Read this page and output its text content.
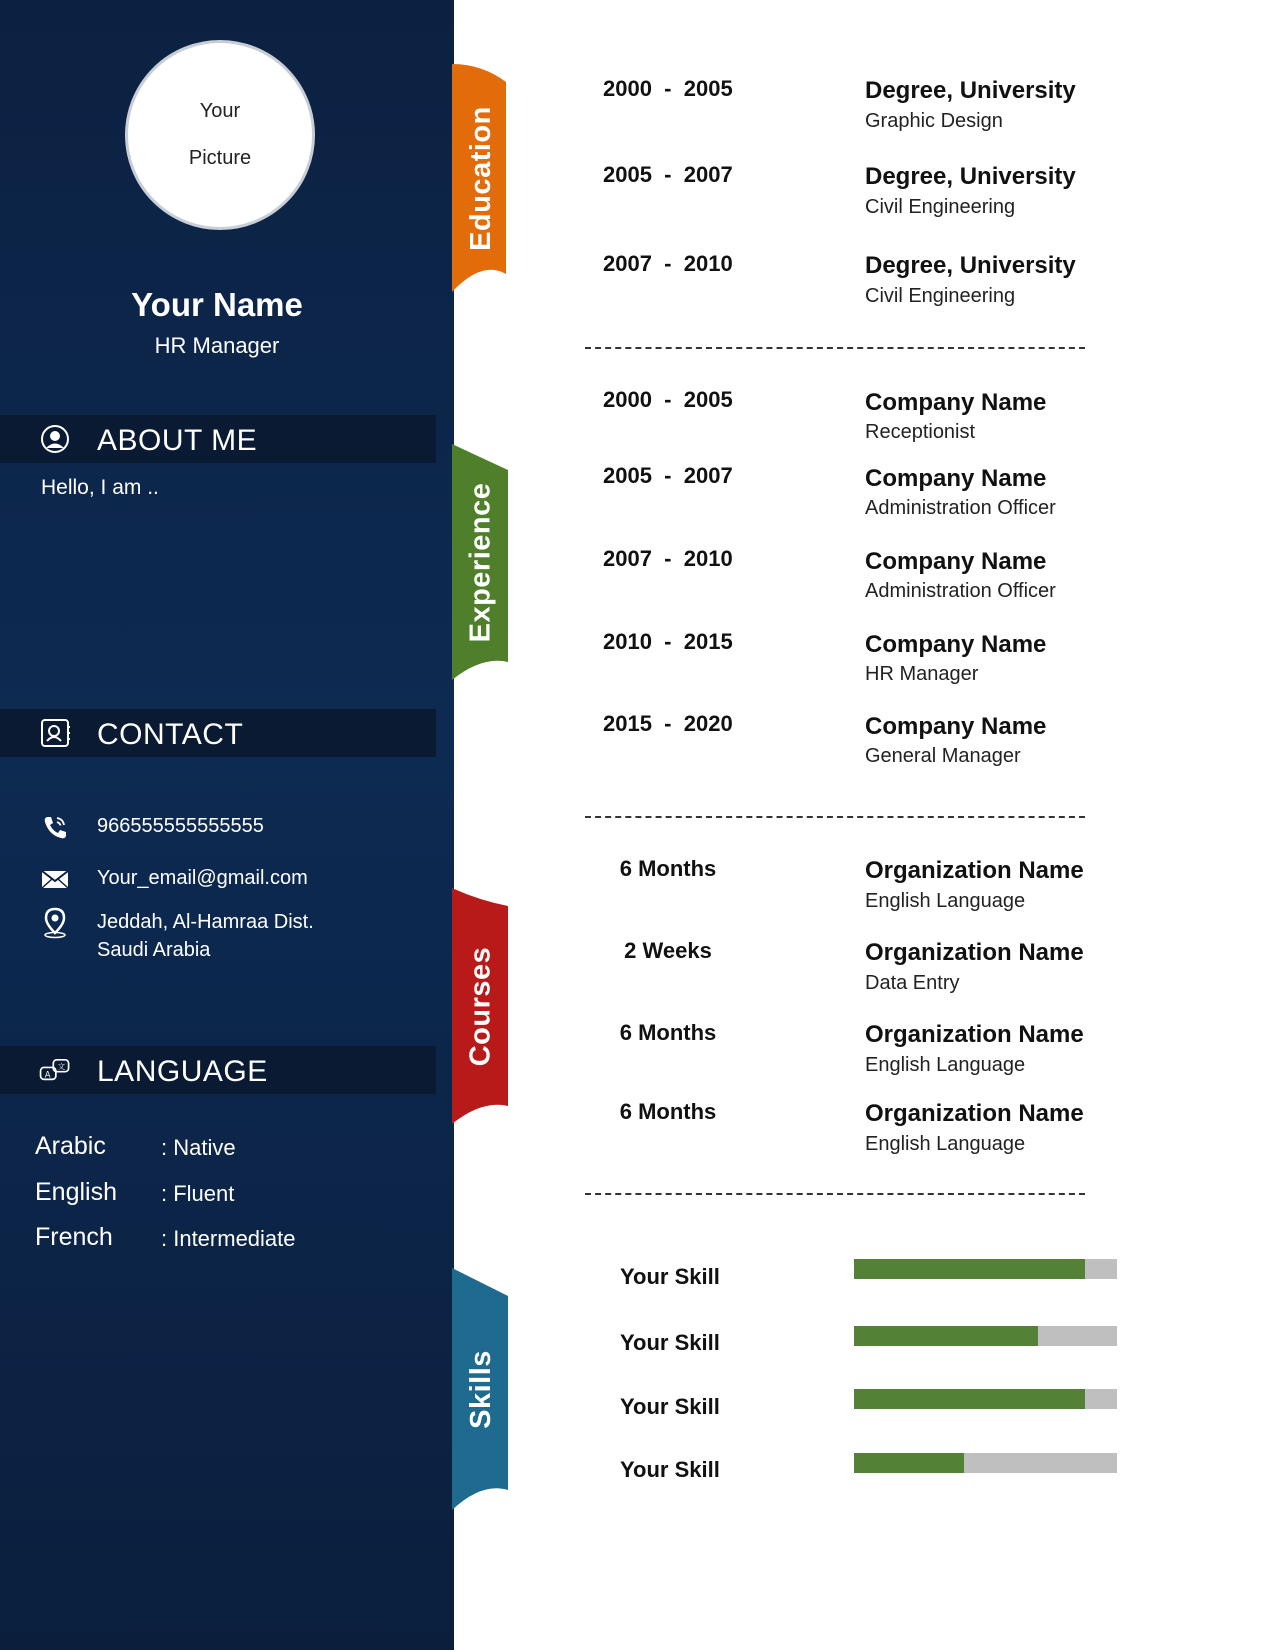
Your
Picture
Your Name
HR Manager
ABOUT ME
Hello, I am ..
CONTACT
966555555555555
Your_email@gmail.com
Jeddah, Al-Hamraa Dist.
Saudi Arabia
A
文 LANGUAGE
Arabic	: Native
English : Fluent
French : Intermediate
Education
Experience
Courses
Skills
2000  -  2005	Degree, University
Graphic Design
2005  -  2007	Degree, University
Civil Engineering
2007  -  2010	Degree, University
Civil Engineering
2000  -  2005	Company Name
Receptionist
2005  -  2007	Company Name
Administration Officer
2007  -  2010	Company Name
Administration Officer
2010  -  2015	Company Name
HR Manager
2015  -  2020	Company Name
General Manager
6 Months	Organization Name
English Language
2 Weeks	Organization Name
Data Entry
6 Months	Organization Name
English Language
6 Months	Organization Name
English Language
Your Skill
Your Skill
Your Skill
Your Skill
